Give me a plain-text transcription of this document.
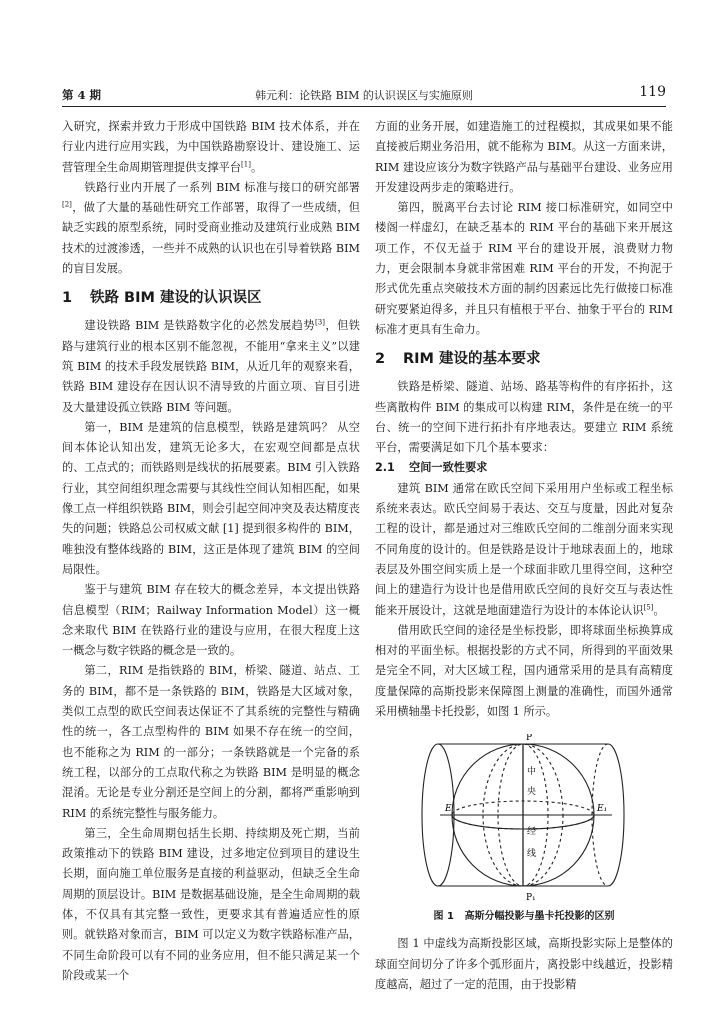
第 4 期	韩元利：论铁路 BIM 的认识误区与实施原则	119

入研究，探索并致力于形成中国铁路 BIM 技术体系，并在行业内进行应用实践，为中国铁路勘察设计、建设施工、运营管理全生命周期管理提供支撑平台[1]。

铁路行业内开展了一系列 BIM 标准与接口的研究部署[2]，做了大量的基础性研究工作部署，取得了一些成绩，但缺乏实践的原型系统，同时受商业推动及建筑行业成熟 BIM 技术的过渡渗透，一些并不成熟的认识也在引导着铁路 BIM 的盲目发展。

1 铁路 BIM 建设的认识误区

建设铁路 BIM 是铁路数字化的必然发展趋势[3]，但铁路与建筑行业的根本区别不能忽视，不能用“拿来主义”以建筑 BIM 的技术手段发展铁路 BIM，从近几年的观察来看，铁路 BIM 建设存在因认识不清导致的片面立项、盲目引进及大量建设孤立铁路 BIM 等问题。

第一，BIM 是建筑的信息模型，铁路是建筑吗？ 从空间本体论认知出发，建筑无论多大，在宏观空间都是点状的、工点式的；而铁路则是线状的拓展要素。BIM 引入铁路行业，其空间组织理念需要与其线性空间认知相匹配，如果像工点一样组织铁路 BIM，则会引起空间冲突及表达精度丧失的问题；铁路总公司权威文献 [1] 提到很多构件的 BIM，唯独没有整体线路的 BIM，这正是体现了建筑 BIM 的空间局限性。

鉴于与建筑 BIM 存在较大的概念差异，本文提出铁路信息模型（RIM；Railway Information Model）这一概念来取代 BIM 在铁路行业的建设与应用，在很大程度上这一概念与数字铁路的概念是一致的。

第二，RIM 是指铁路的 BIM，桥梁、隧道、站点、工务的 BIM，都不是一条铁路的 BIM，铁路是大区域对象，类似工点型的欧氏空间表达保证不了其系统的完整性与精确性的统一，各工点型构件的 BIM 如果不存在统一的空间，也不能称之为 RIM 的一部分；一条铁路就是一个完备的系统工程，以部分的工点取代称之为铁路 BIM 是明显的概念混淆。无论是专业分割还是空间上的分割，都将严重影响到 RIM 的系统完整性与服务能力。

第三，全生命周期包括生长期、持续期及死亡期，当前政策推动下的铁路 BIM 建设，过多地定位到项目的建设生长期，面向施工单位服务是直接的利益驱动，但缺乏全生命周期的顶层设计。BIM 是数据基础设施，是全生命周期的载体，不仅具有其完整一致性，更要求其有普遍适应性的原则。就铁路对象而言，BIM 可以定义为数字铁路标准产品，不同生命阶段可以有不同的业务应用，但不能只满足某一个阶段或某一个

方面的业务开展，如建造施工的过程模拟，其成果如果不能直接被后期业务沿用，就不能称为 BIM。从这一方面来讲，RIM 建设应该分为数字铁路产品与基础平台建设、业务应用开发建设两步走的策略进行。

第四，脱离平台去讨论 RIM 接口标准研究，如同空中楼阁一样虚幻，在缺乏基本的 RIM 平台的基础下来开展这项工作，不仅无益于 RIM 平台的建设开展，浪费财力物力，更会限制本身就非常困难 RIM 平台的开发，不拘泥于形式优先重点突破技术方面的制约因素远比先行做接口标准研究要紧迫得多，并且只有植根于平台、抽象于平台的 RIM 标准才更具有生命力。

2 RIM 建设的基本要求

铁路是桥梁、隧道、站场、路基等构件的有序拓扑，这些离散构件 BIM 的集成可以构建 RIM，条件是在统一的平台、统一的空间下进行拓扑有序地表达。要建立 RIM 系统平台，需要满足如下几个基本要求：

2.1 空间一致性要求

建筑 BIM 通常在欧氏空间下采用用户坐标或工程坐标系统来表达。欧氏空间易于表达、交互与度量，因此对复杂工程的设计，都是通过对三维欧氏空间的二维剖分面来实现不同角度的设计的。但是铁路是设计于地球表面上的，地球表层及外围空间实质上是一个球面非欧几里得空间，这种空间上的建造行为设计也是借用欧氏空间的良好交互与表达性能来开展设计，这就是地面建造行为设计的本体论认识[5]。

借用欧氏空间的途径是坐标投影，即将球面坐标换算成相对的平面坐标。根据投影的方式不同，所得到的平面效果是完全不同，对大区域工程，国内通常采用的是具有高精度度量保障的高斯投影来保障图上测量的准确性，而国外通常采用横轴墨卡托投影，如图 1 所示。

P
P₁
E	E₁
中
央
经
线
图 1 高斯分幅投影与墨卡托投影的区别

图 1 中虚线为高斯投影区域，高斯投影实际上是整体的球面空间切分了许多个弧形面片，离投影中线越近，投影精度越高，超过了一定的范围，由于投影精
